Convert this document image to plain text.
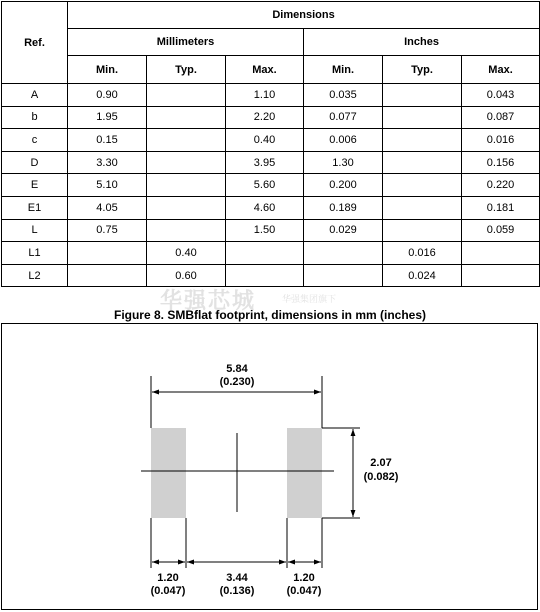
Ref.	Dimensions					
	Millimeters			Inches		
	Min.	Typ.	Max.	Min.	Typ.	Max.
A	0.90		1.10	0.035		0.043
b	1.95		2.20	0.077		0.087
c	0.15		0.40	0.006		0.016
D	3.30		3.95	1.30		0.156
E	5.10		5.60	0.200		0.220
E1	4.05		4.60	0.189		0.181
L	0.75		1.50	0.029		0.059
L1		0.40			0.016	
L2		0.60			0.024	
华强芯城	华强集团旗下
Figure 8. SMBflat footprint, dimensions in mm (inches)
5.84
(0.230)
2.07
(0.082)
1.20
(0.047)
3.44
(0.136)
1.20
(0.047)
